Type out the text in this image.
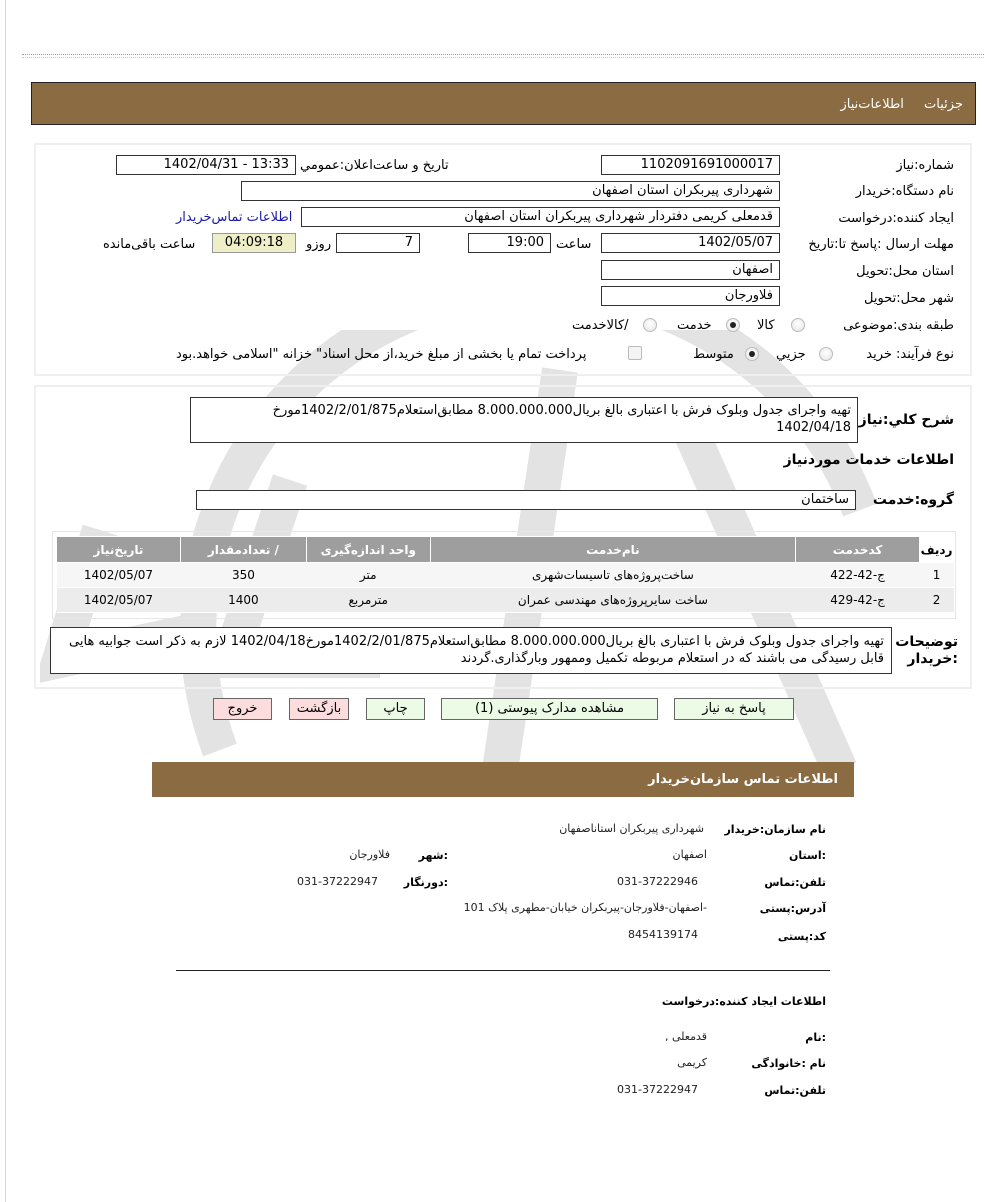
جزئیات اطلاعات‌نیاز
شماره‌:نیاز
1102091691000017
تاریخ و ساعت‌اعلان:عمومي
1402/04/31 - 13:33
نام دستگاه:خریدار
شهرداری پیربکران استان اصفهان
ایجاد کننده:درخواست
قدمعلی کریمی دفتردار شهرداری پیربکران استان اصفهان
اطلاعات تماس‌خریدار
مهلت ارسال :پاسخ تا:تاریخ
1402/05/07
ساعت
19:00
7
روزو
04:09:18
ساعت باقی‌مانده
استان محل:تحویل
اصفهان
شهر محل:تحویل
فلاورجان
طبقه بندی:موضوعی
کالا
خدمت
/کالاخدمت
نوع فرآیند: خرید
جزيي
متوسط
پرداخت تمام یا بخشی از مبلغ خرید،از محل اسناد" خزانه "اسلامی خواهد.بود
شرح کلي:نیاز
تهیه واجرای جدول وبلوک فرش با اعتباری بالغ بریال8.000.000.000 مطابق‌استعلام1402/2/01/875مورخ 1402/04/18
اطلاعات خدمات موردنیاز
گروه:خدمت
ساختمان
ردیف	کدخدمت	نام‌خدمت	واحد اندازه‌گیری	/ تعدادمقدار	تاریخ‌نیاز
1	ج-42-422	ساخت‌پروژه‌های تاسیسات‌شهری	متر	350	1402/05/07
2	ج-42-429	ساخت سایرپروژه‌های مهندسی عمران	مترمربع	1400	1402/05/07
توضیحات
:خریدار
تهیه واجرای جدول وبلوک فرش با اعتباری بالغ بریال8.000.000.000 مطابق‌استعلام1402/2/01/875مورخ1402/04/18 لازم به ذکر است جوابیه هایی قابل رسیدگی می باشند که در استعلام مربوطه تکمیل وممهور وبارگذاری.گردند
پاسخ به نیاز
مشاهده مدارک پیوستی (1)
چاپ
بازگشت
خروج
اطلاعات تماس سازمان‌خریدار
نام سازمان:خریدار
شهرداری پیربکران استاناصفهان
:استان
اصفهان
:شهر
فلاورجان
تلفن:تماس
031-37222946
:دورنگار
031-37222947
آدرس:پستی
-اصفهان-فلاورجان-پیربکران خیابان-مطهری پلاک 101
کد:پستی
8454139174
اطلاعات ایجاد کننده:درخواست
:نام
قدمعلی ,
نام :خانوادگی
کریمی
تلفن:تماس
031-37222947
